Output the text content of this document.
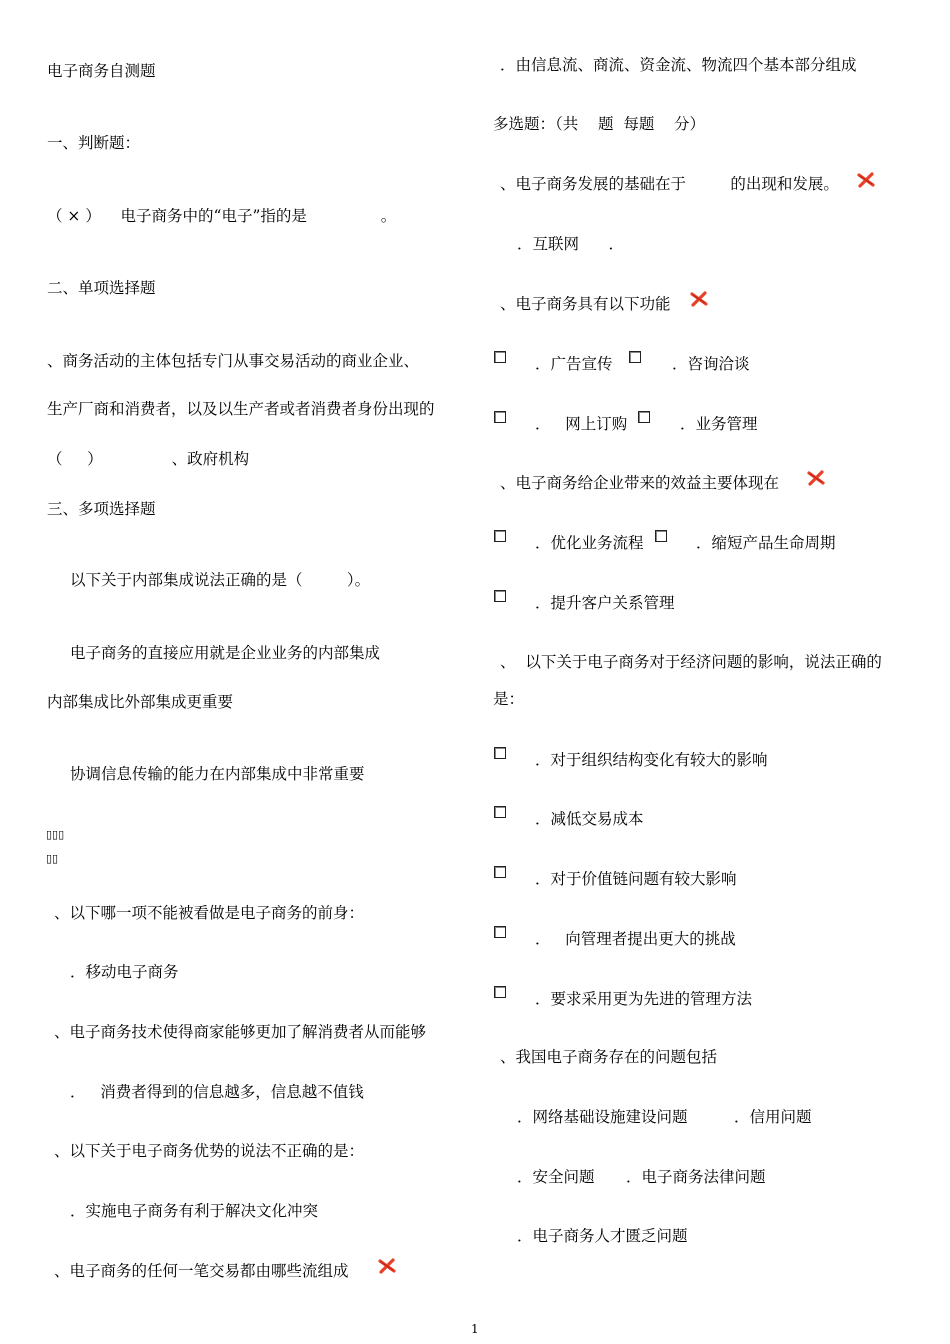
电子商务自测题
一、判断题：
（ × ）    电子商务中的“电子”指的是               。
二、单项选择题
、商务活动的主体包括专门从事交易活动的商业企业、
生产厂商和消费者，以及以生产者或者消费者身份出现的
（     ）              、政府机构
三、多项选择题
以下关于内部集成说法正确的是（         ）。
电子商务的直接应用就是企业业务的内部集成
内部集成比外部集成更重要
协调信息传输的能力在内部集成中非常重要
▯▯▯
▯▯
、以下哪一项不能被看做是电子商务的前身：
．移动电子商务
、电子商务技术使得商家能够更加了解消费者从而能够
．   消费者得到的信息越多，信息越不值钱
、以下关于电子商务优势的说法不正确的是：
．实施电子商务有利于解决文化冲突
、电子商务的任何一笔交易都由哪些流组成
．由信息流、商流、资金流、物流四个基本部分组成
多选题：（共    题  每题    分）
、电子商务发展的基础在于         的出现和发展。
．互联网      ．
、电子商务具有以下功能
．广告宣传	．咨询洽谈
．   网上订购	．业务管理
、电子商务给企业带来的效益主要体现在
．优化业务流程	．缩短产品生命周期
．提升客户关系管理
、  以下关于电子商务对于经济问题的影响，说法正确的
是：
．对于组织结构变化有较大的影响
．减低交易成本
．对于价值链问题有较大影响
．   向管理者提出更大的挑战
．要求采用更为先进的管理方法
、我国电子商务存在的问题包括
．网络基础设施建设问题	．信用问题
．安全问题 ．电子商务法律问题
．电子商务人才匮乏问题
1
